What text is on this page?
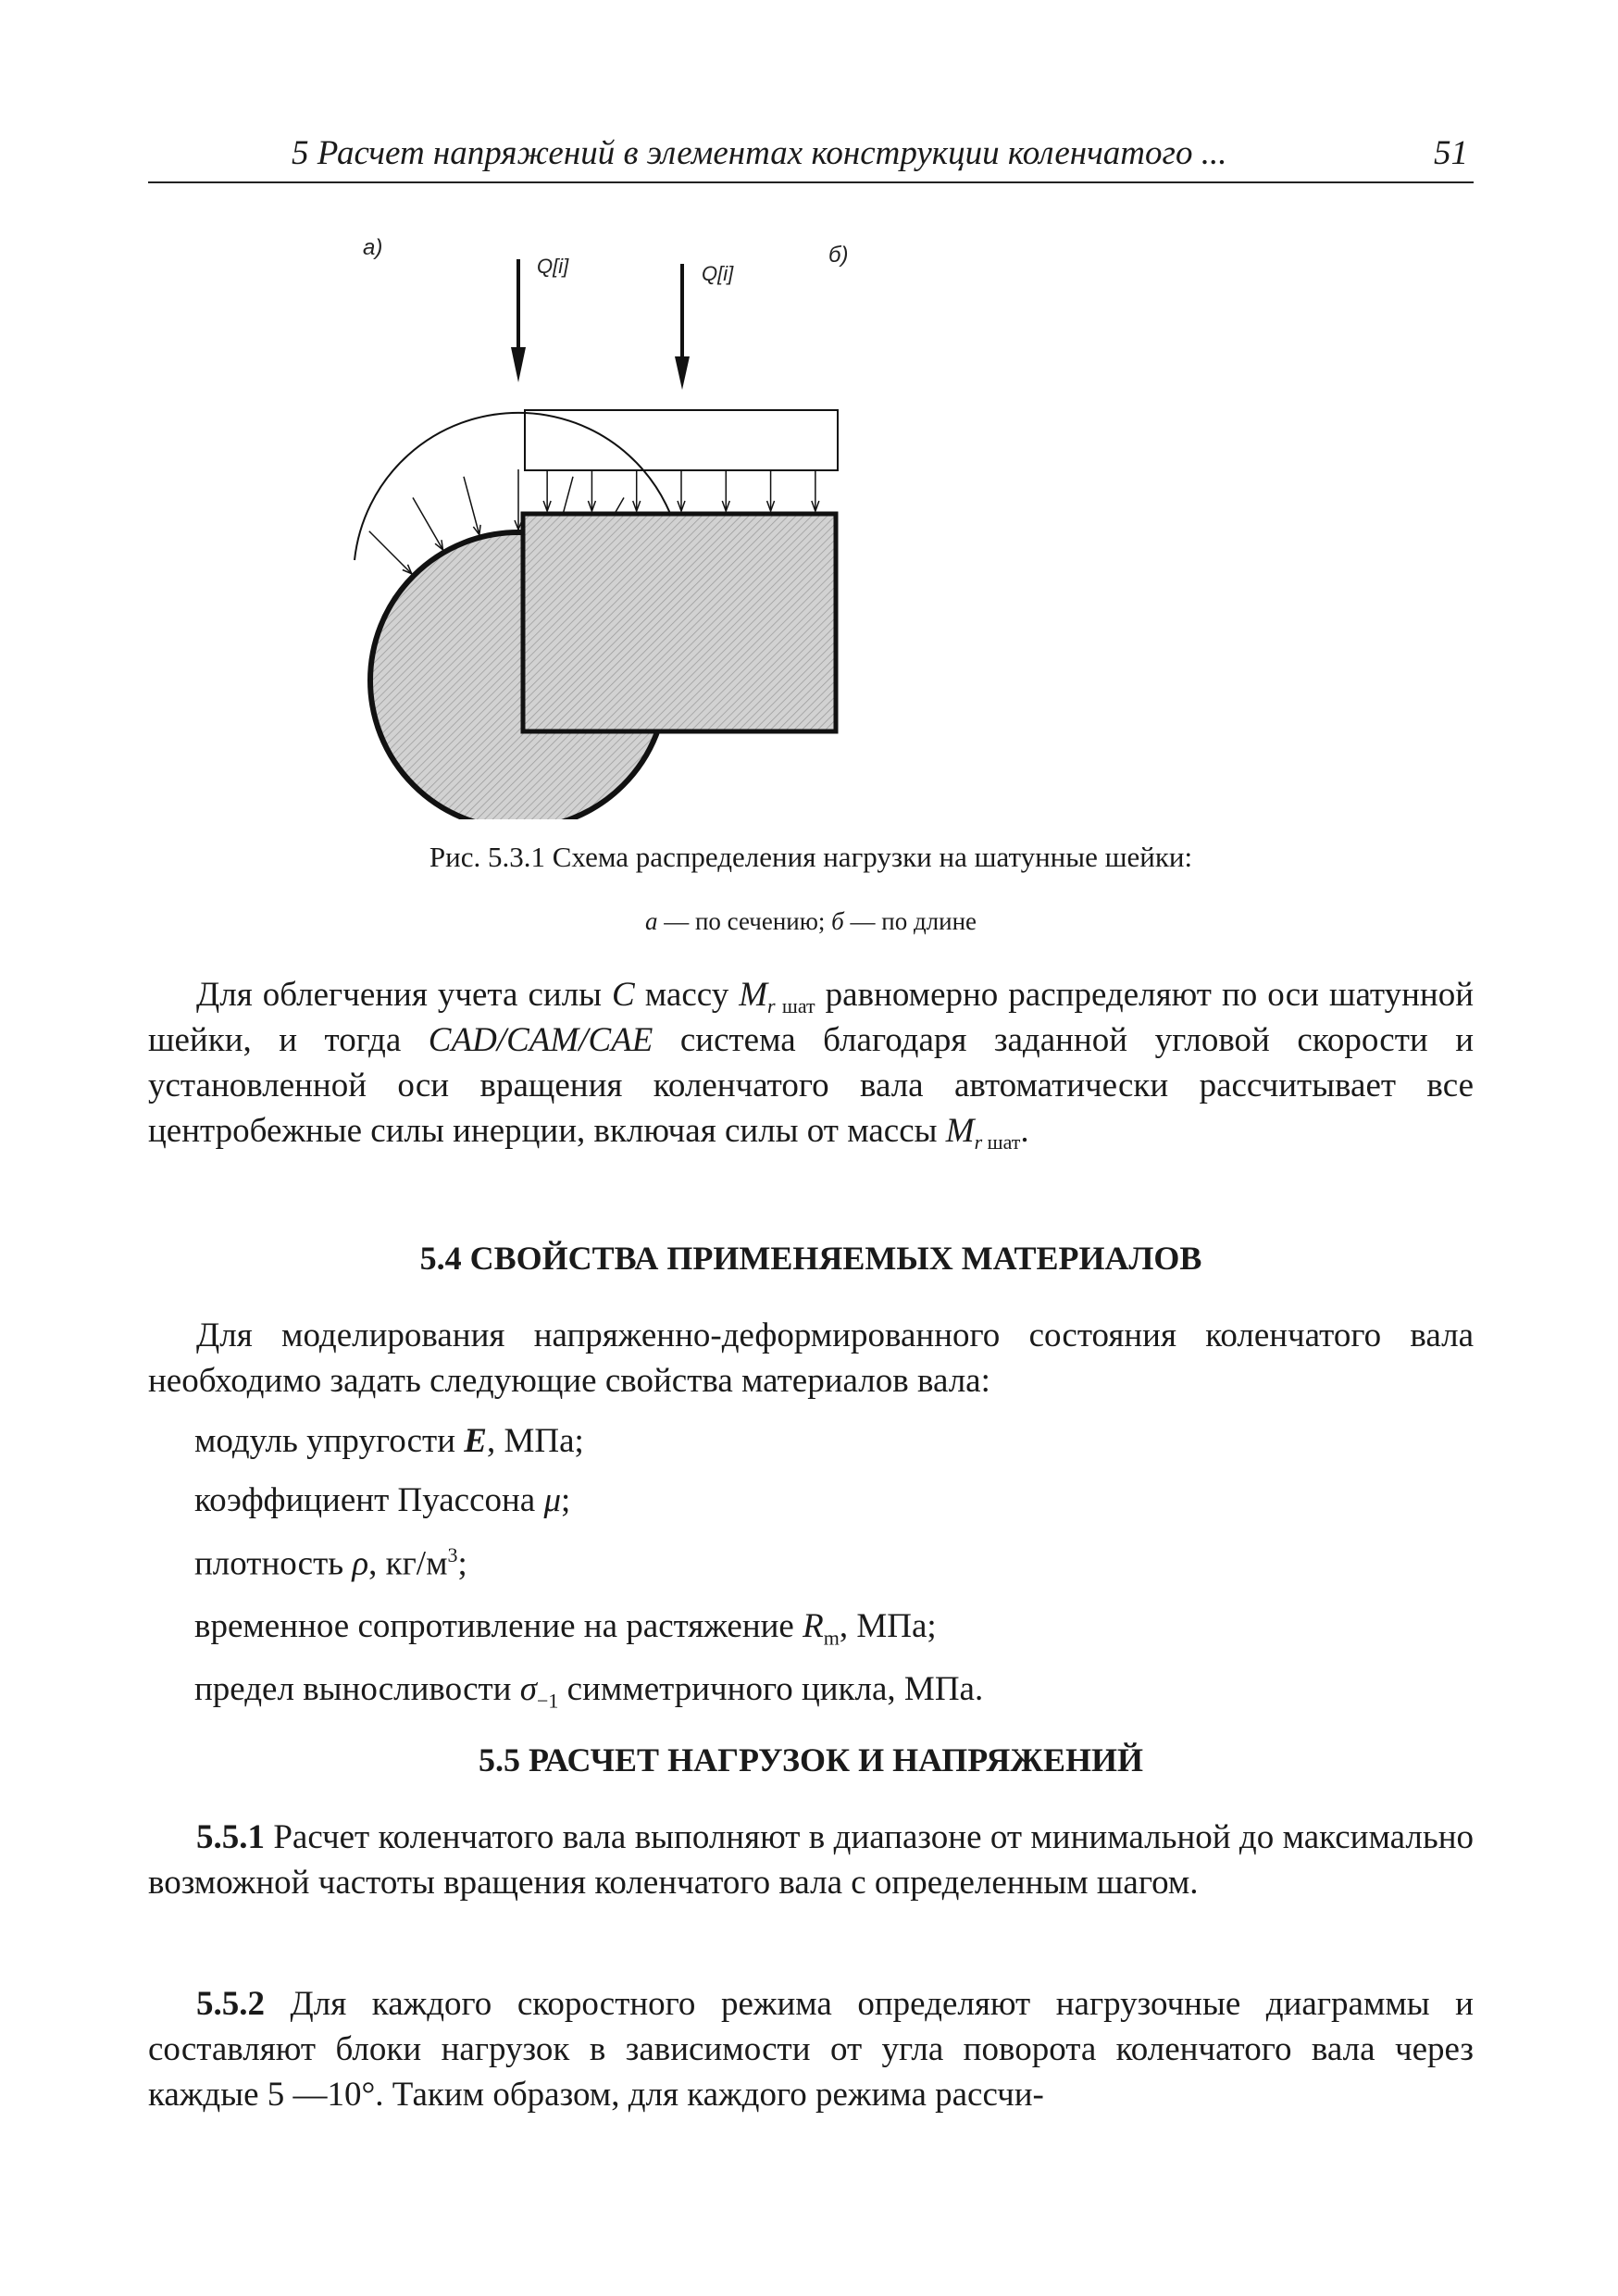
5 Расчет напряжений в элементах конструкции коленчатого ...	51
а)
Q[i]	б)
Q[i]
Рис. 5.3.1 Схема распределения нагрузки на шатунные шейки:
а — по сечению; б — по длине
Для облегчения учета силы C массу $M_{r шат}$ равномерно распределяют по оси шатунной шейки, и тогда CAD/CAM/CAE система благодаря заданной угловой скорости и установленной оси вращения коленчатого вала автоматически рассчитывает все центробежные силы инерции, включая силы от массы $M_{r шат}$.
5.4 СВОЙСТВА ПРИМЕНЯЕМЫХ МАТЕРИАЛОВ
Для моделирования напряженно-деформированного состояния коленчатого вала необходимо задать следующие свойства материалов вала:
модуль упругости E, МПа;
коэффициент Пуассона μ;
плотность ρ, $кг/м^3$;
временное сопротивление на растяжение $R_m$, МПа;
предел выносливости $\sigma_{-1}$ симметричного цикла, МПа.
5.5 РАСЧЕТ НАГРУЗОК И НАПРЯЖЕНИЙ
5.5.1 Расчет коленчатого вала выполняют в диапазоне от минимальной до максимально возможной частоты вращения коленчатого вала с определенным шагом.
5.5.2 Для каждого скоростного режима определяют нагрузочные диаграммы и составляют блоки нагрузок в зависимости от угла поворота коленчатого вала через каждые 5 —10°. Таким образом, для каждого режима рассчи-
